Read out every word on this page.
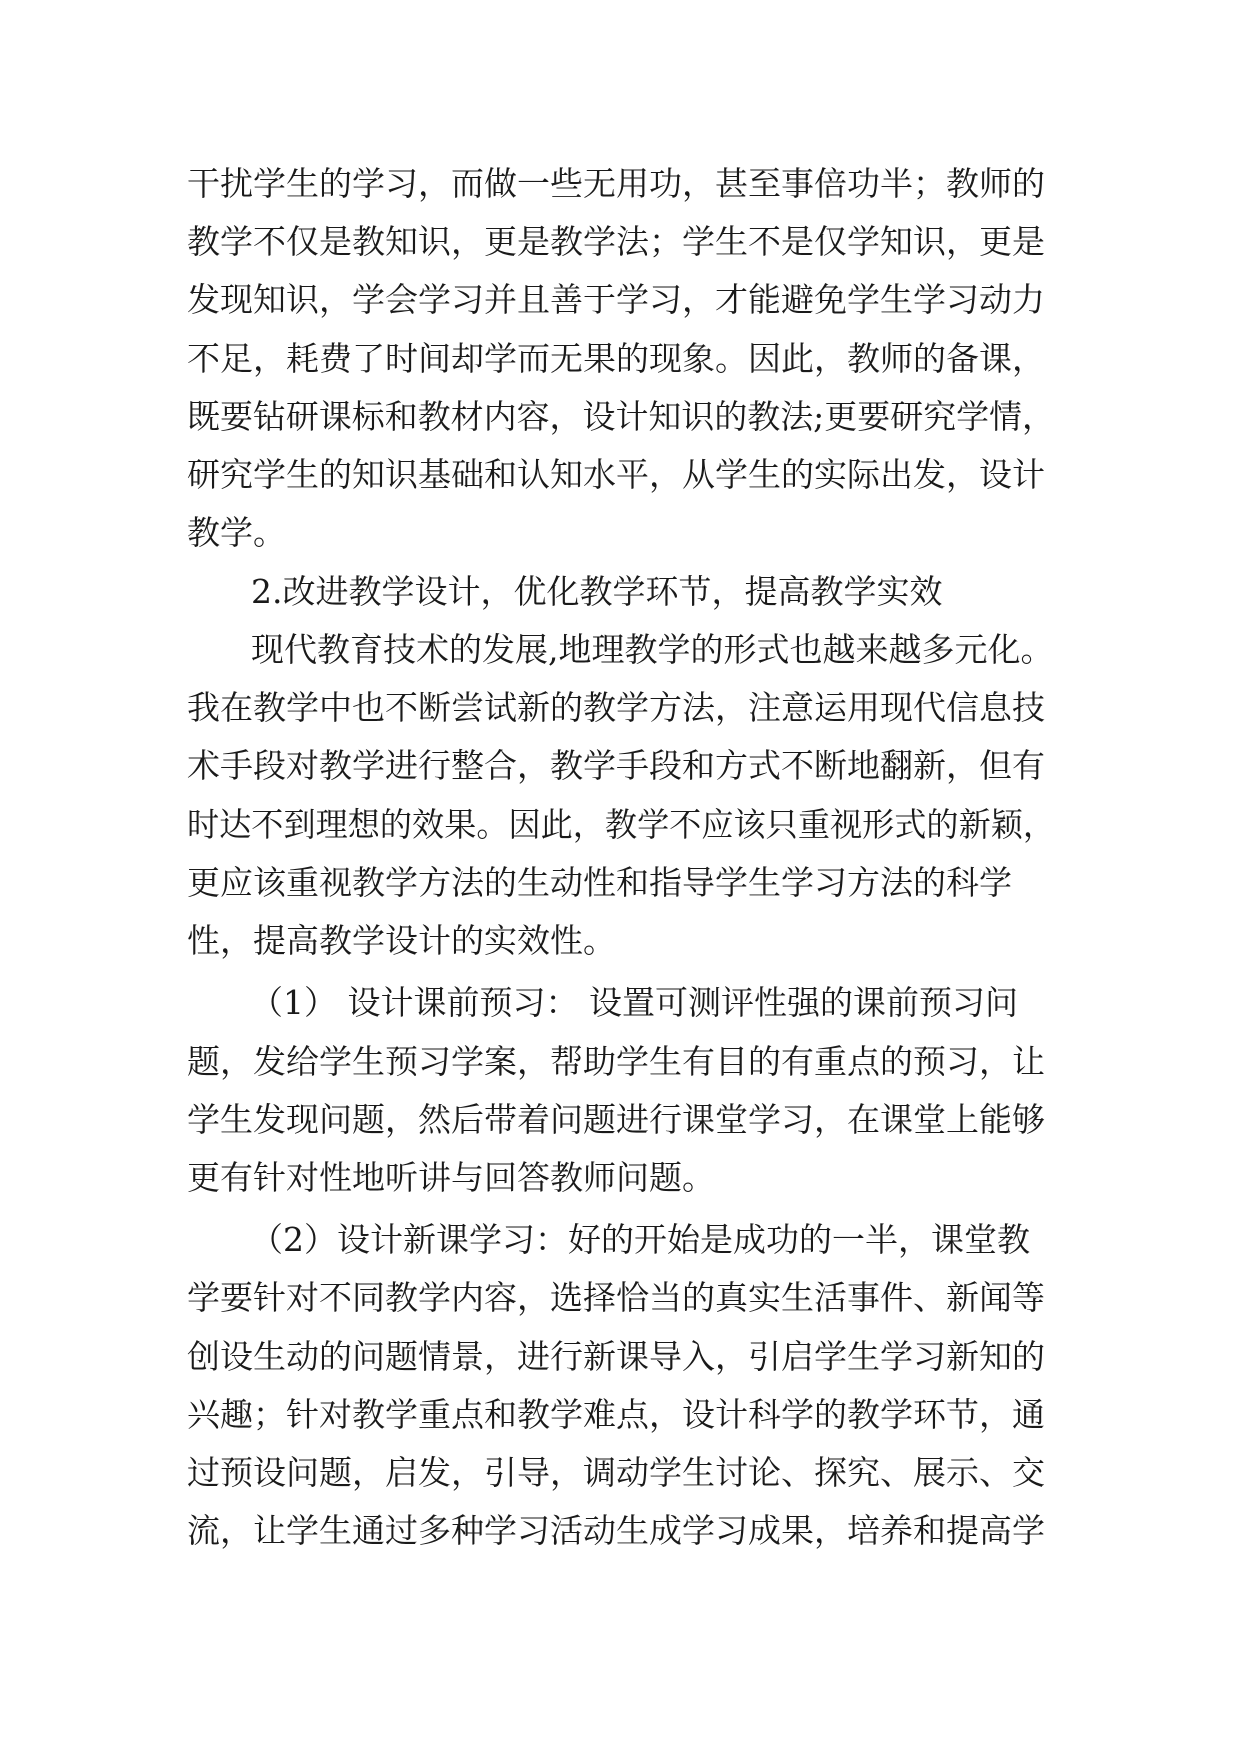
干扰学生的学习，而做一些无用功，甚至事倍功半；教师的
教学不仅是教知识，更是教学法；学生不是仅学知识，更是
发现知识，学会学习并且善于学习，才能避免学生学习动力
不足，耗费了时间却学而无果的现象。因此，教师的备课，
既要钻研课标和教材内容，设计知识的教法;更要研究学情，
研究学生的知识基础和认知水平，从学生的实际出发，设计
教学。
2.改进教学设计，优化教学环节，提高教学实效
现代教育技术的发展,地理教学的形式也越来越多元化。
我在教学中也不断尝试新的教学方法，注意运用现代信息技
术手段对教学进行整合，教学手段和方式不断地翻新，但有
时达不到理想的效果。因此，教学不应该只重视形式的新颖，
更应该重视教学方法的生动性和指导学生学习方法的科学
性，提高教学设计的实效性。
（1） 设计课前预习： 设置可测评性强的课前预习问
题，发给学生预习学案，帮助学生有目的有重点的预习，让
学生发现问题，然后带着问题进行课堂学习，在课堂上能够
更有针对性地听讲与回答教师问题。
（2）设计新课学习：好的开始是成功的一半，课堂教
学要针对不同教学内容，选择恰当的真实生活事件、新闻等
创设生动的问题情景，进行新课导入，引启学生学习新知的
兴趣；针对教学重点和教学难点，设计科学的教学环节，通
过预设问题，启发，引导，调动学生讨论、探究、展示、交
流，让学生通过多种学习活动生成学习成果，培养和提高学
